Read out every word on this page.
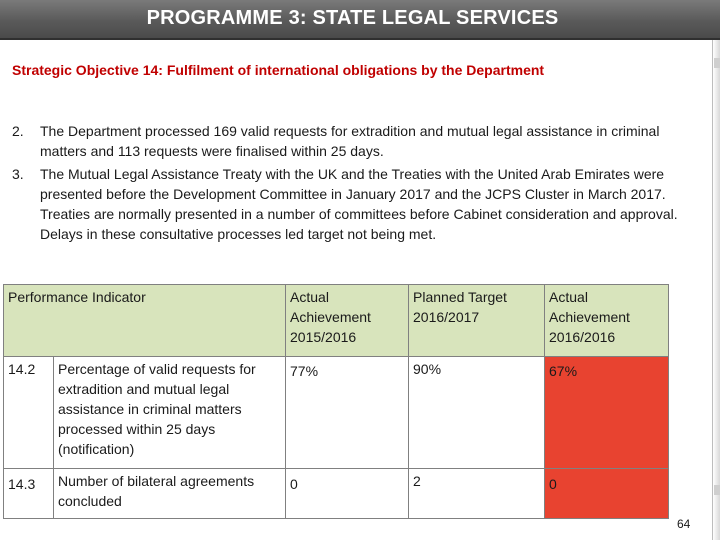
PROGRAMME 3: STATE LEGAL SERVICES
Strategic Objective 14: Fulfilment of international obligations by the Department
2. The Department processed 169 valid requests for extradition and mutual legal assistance in criminal matters and 113 requests were finalised within 25 days.
3. The Mutual Legal Assistance Treaty with the UK and the Treaties with the United Arab Emirates were presented before the Development Committee in January 2017 and the JCPS Cluster in March 2017. Treaties are normally presented in a number of committees before Cabinet consideration and approval. Delays in these consultative processes led target not being met.
Performance Indicator		Actual Achievement 2015/2016	Planned Target 2016/2017	Actual Achievement 2016/2016
14.2	Percentage of valid requests for extradition and mutual legal assistance in criminal matters processed within 25 days (notification)	77%	90%	67%
14.3	Number of bilateral agreements concluded	0	2	0
64
